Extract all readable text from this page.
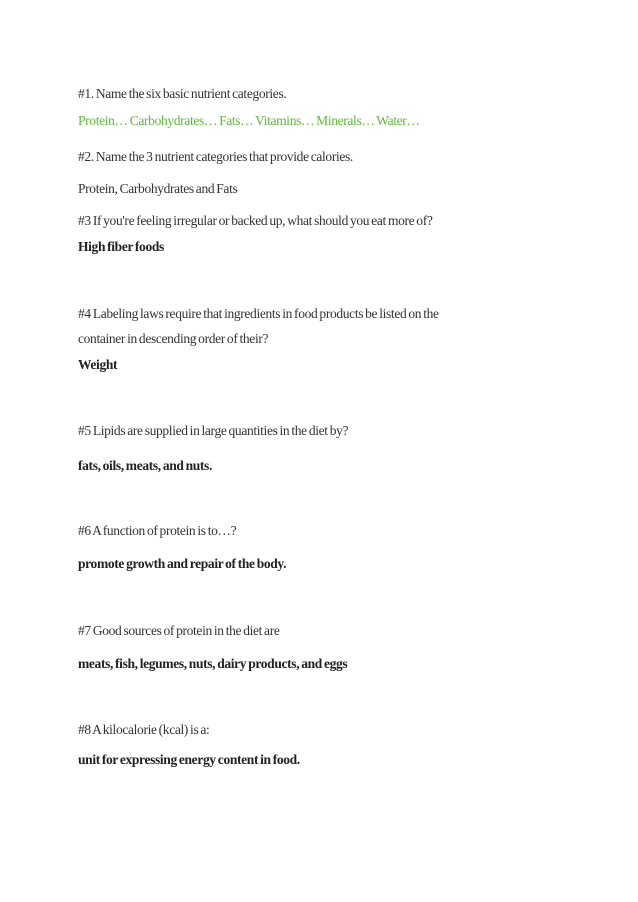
#1. Name the six basic nutrient categories.
Protein… Carbohydrates… Fats… Vitamins… Minerals… Water…
#2. Name the 3 nutrient categories that provide calories.
Protein, Carbohydrates and Fats
#3 If you're feeling irregular or backed up, what should you eat more of?
High fiber foods
#4 Labeling laws require that ingredients in food products be listed on the
container in descending order of their?
Weight
#5 Lipids are supplied in large quantities in the diet by?
fats, oils, meats, and nuts.
#6 A function of protein is to…?
promote growth and repair of the body.
#7 Good sources of protein in the diet are
meats, fish, legumes, nuts, dairy products, and eggs
#8 A kilocalorie (kcal) is a:
unit for expressing energy content in food.
